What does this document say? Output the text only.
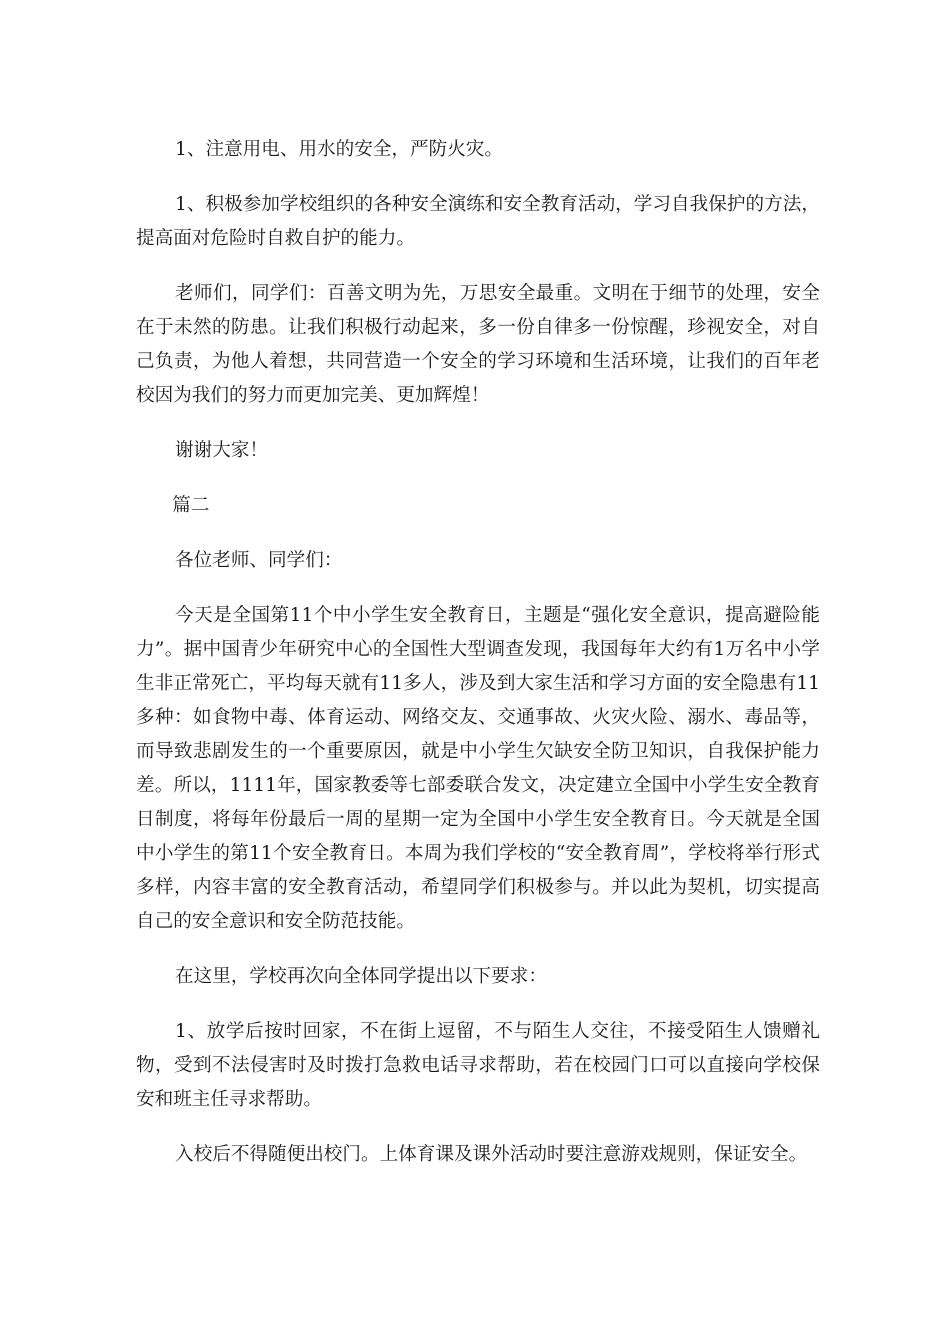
1、注意用电、用水的安全，严防火灾。

1、积极参加学校组织的各种安全演练和安全教育活动，学习自我保护的方法，提高面对危险时自救自护的能力。

老师们，同学们：百善文明为先，万思安全最重。文明在于细节的处理，安全在于未然的防患。让我们积极行动起来，多一份自律多一份惊醒，珍视安全，对自己负责，为他人着想，共同营造一个安全的学习环境和生活环境，让我们的百年老校因为我们的努力而更加完美、更加辉煌！

谢谢大家！

篇二

各位老师、同学们：

今天是全国第11个中小学生安全教育日，主题是“强化安全意识，提高避险能力”。据中国青少年研究中心的全国性大型调查发现，我国每年大约有1万名中小学生非正常死亡，平均每天就有11多人，涉及到大家生活和学习方面的安全隐患有11多种：如食物中毒、体育运动、网络交友、交通事故、火灾火险、溺水、毒品等，而导致悲剧发生的一个重要原因，就是中小学生欠缺安全防卫知识，自我保护能力差。所以，1111年，国家教委等七部委联合发文，决定建立全国中小学生安全教育日制度，将每年份最后一周的星期一定为全国中小学生安全教育日。今天就是全国中小学生的第11个安全教育日。本周为我们学校的“安全教育周”，学校将举行形式多样，内容丰富的安全教育活动，希望同学们积极参与。并以此为契机，切实提高自己的安全意识和安全防范技能。

在这里，学校再次向全体同学提出以下要求：

1、放学后按时回家，不在街上逗留，不与陌生人交往，不接受陌生人馈赠礼物，受到不法侵害时及时拨打急救电话寻求帮助，若在校园门口可以直接向学校保安和班主任寻求帮助。

入校后不得随便出校门。上体育课及课外活动时要注意游戏规则，保证安全。
